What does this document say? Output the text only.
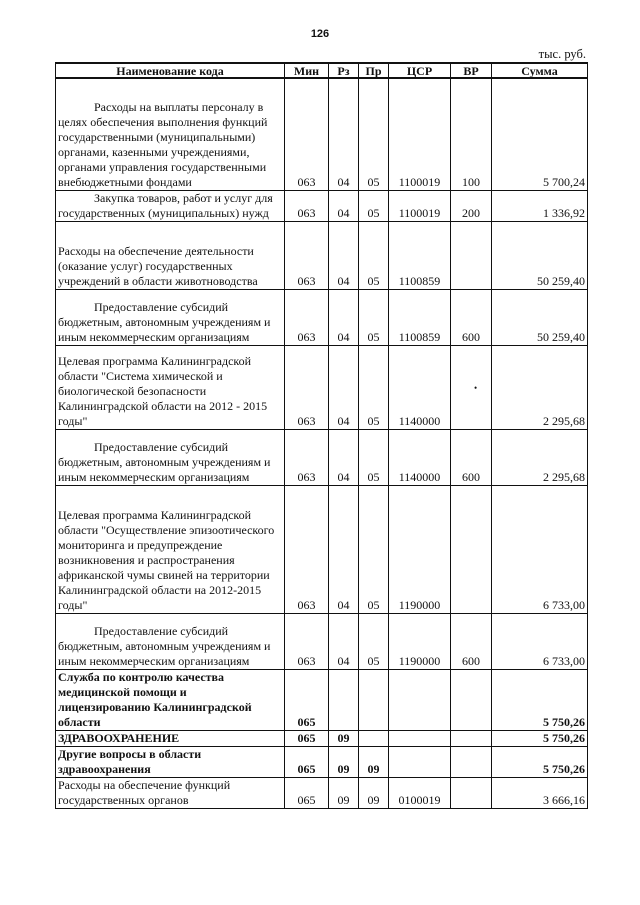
126
тыс. руб.
Наименование кода	Мин	Рз	Пр	ЦСР	ВР	Сумма
Расходы на выплаты персоналу в целях обеспечения выполнения функций государственными (муниципальными) органами, казенными учреждениями, органами управления государственными внебюджетными фондами	063	04	05	1100019	100	5 700,24
Закупка товаров, работ и услуг для государственных (муниципальных) нужд	063	04	05	1100019	200	1 336,92
Расходы на обеспечение деятельности (оказание услуг) государственных учреждений в области животноводства	063	04	05	1100859		50 259,40
Предоставление субсидий бюджетным, автономным учреждениям и иным некоммерческим организациям	063	04	05	1100859	600	50 259,40
Целевая программа Калининградской области "Система химической и биологической безопасности Калининградской области на 2012 - 2015 годы"	063	04	05	1140000		2 295,68
Предоставление субсидий бюджетным, автономным учреждениям и иным некоммерческим организациям	063	04	05	1140000	600	2 295,68
Целевая программа Калининградской области "Осуществление эпизоотического мониторинга и предупреждение возникновения и распространения африканской чумы свиней на территории Калининградской области на 2012-2015 годы"	063	04	05	1190000		6 733,00
Предоставление субсидий бюджетным, автономным учреждениям и иным некоммерческим организациям	063	04	05	1190000	600	6 733,00
Служба по контролю качества медицинской помощи и лицензированию Калининградской области	065					5 750,26
ЗДРАВООХРАНЕНИЕ	065	09				5 750,26
Другие вопросы в области здравоохранения	065	09	09			5 750,26
Расходы на обеспечение функций государственных органов	065	09	09	0100019		3 666,16
•
